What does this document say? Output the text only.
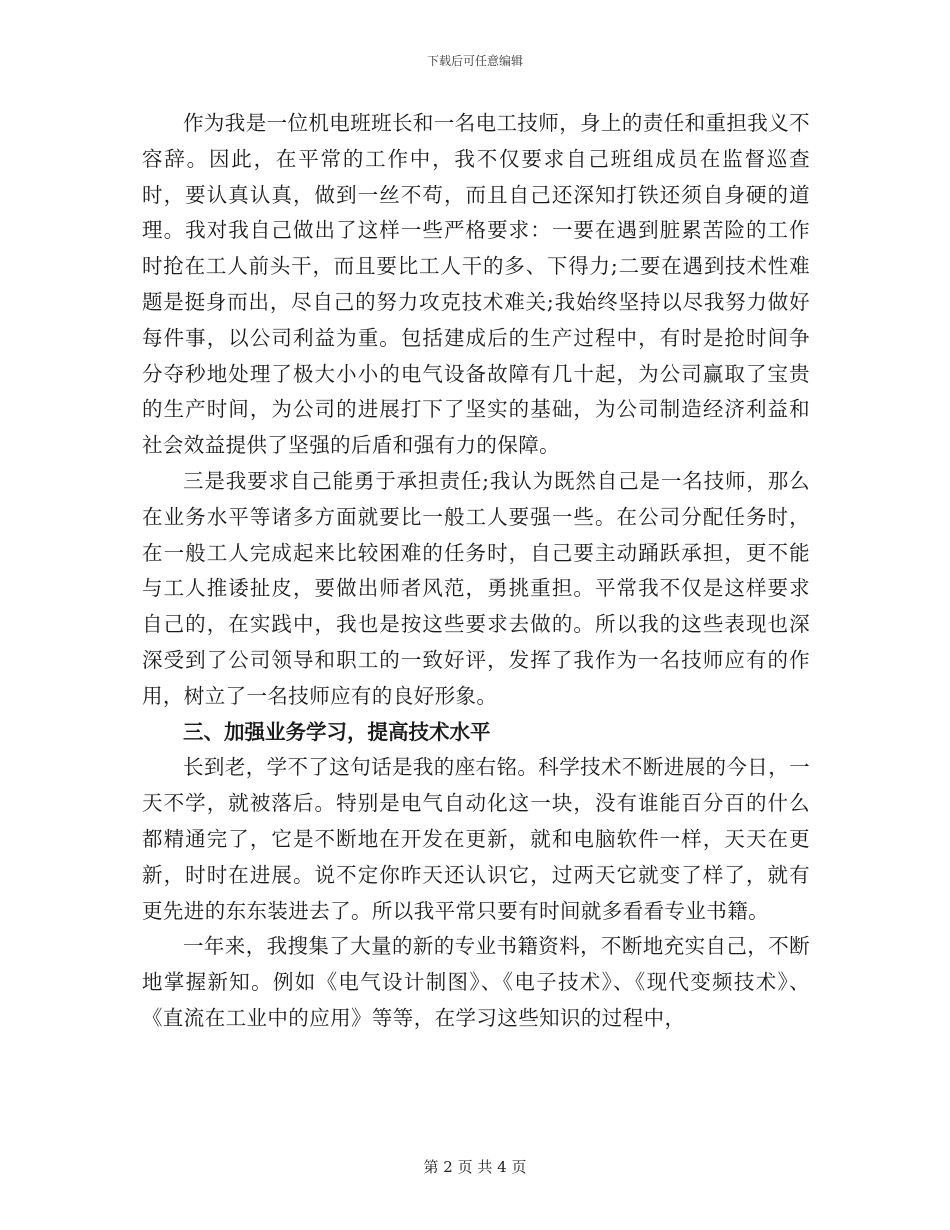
下载后可任意编辑

作为我是一位机电班班长和一名电工技师，身上的责任和重担我义不容辞。因此，在平常的工作中，我不仅要求自己班组成员在监督巡查时，要认真认真，做到一丝不苟，而且自己还深知打铁还须自身硬的道理。我对我自己做出了这样一些严格要求：一要在遇到脏累苦险的工作时抢在工人前头干，而且要比工人干的多、下得力;二要在遇到技术性难题是挺身而出，尽自己的努力攻克技术难关;我始终坚持以尽我努力做好每件事，以公司利益为重。包括建成后的生产过程中，有时是抢时间争分夺秒地处理了极大小小的电气设备故障有几十起，为公司赢取了宝贵的生产时间，为公司的进展打下了坚实的基础，为公司制造经济利益和社会效益提供了坚强的后盾和强有力的保障。

三是我要求自己能勇于承担责任;我认为既然自己是一名技师，那么在业务水平等诸多方面就要比一般工人要强一些。在公司分配任务时，在一般工人完成起来比较困难的任务时，自己要主动踊跃承担，更不能与工人推诿扯皮，要做出师者风范，勇挑重担。平常我不仅是这样要求自己的，在实践中，我也是按这些要求去做的。所以我的这些表现也深深受到了公司领导和职工的一致好评，发挥了我作为一名技师应有的作用，树立了一名技师应有的良好形象。

三、加强业务学习，提高技术水平

长到老，学不了这句话是我的座右铭。科学技术不断进展的今日，一天不学，就被落后。特别是电气自动化这一块，没有谁能百分百的什么都精通完了，它是不断地在开发在更新，就和电脑软件一样，天天在更新，时时在进展。说不定你昨天还认识它，过两天它就变了样了，就有更先进的东东装进去了。所以我平常只要有时间就多看看专业书籍。

一年来，我搜集了大量的新的专业书籍资料，不断地充实自己，不断地掌握新知。例如《电气设计制图》、《电子技术》、《现代变频技术》、《直流在工业中的应用》等等，在学习这些知识的过程中，

第 2 页 共 4 页
